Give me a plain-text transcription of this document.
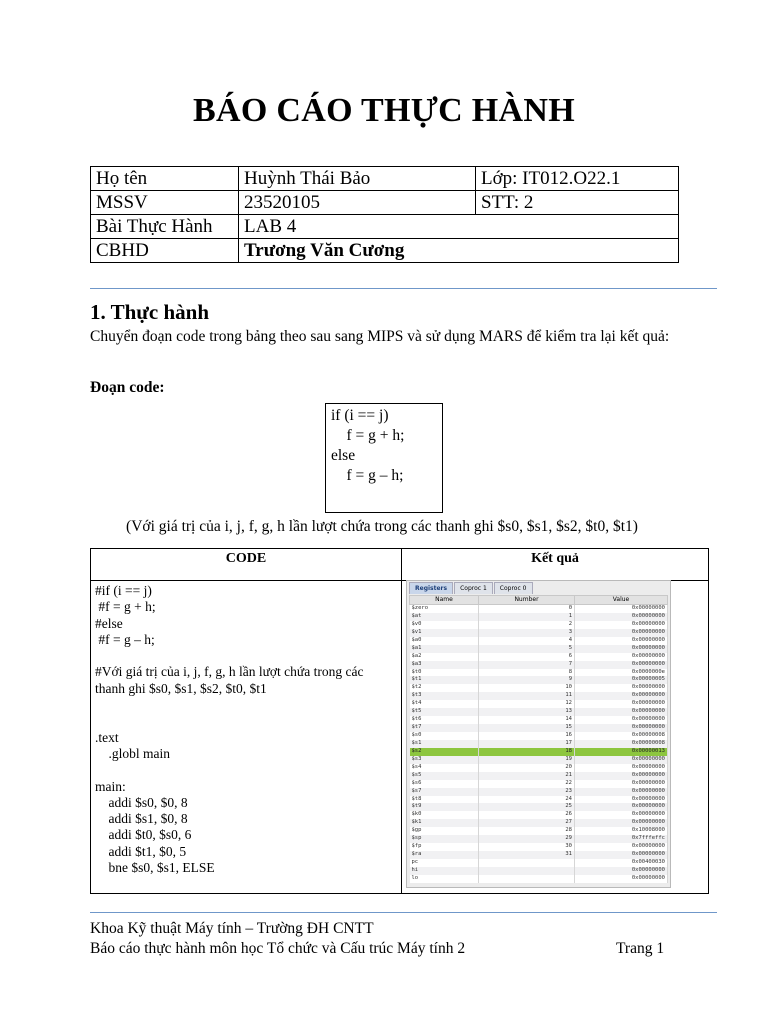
BÁO CÁO THỰC HÀNH
Họ tên	Huỳnh Thái Bảo	Lớp: IT012.O22.1
MSSV	23520105	STT: 2
Bài Thực Hành	LAB 4	
CBHD	Trương Văn Cương	
1. Thực hành
Chuyển đoạn code trong bảng theo sau sang MIPS và sử dụng MARS để kiểm tra lại kết quả:
Đoạn code:
if (i == j)
f = g + h;
else
f = g – h;
(Với giá trị của i, j, f, g, h lần lượt chứa trong các thanh ghi $s0, $s1, $s2, $t0, $t1)
CODE	Kết quả
#if (i == j)
#f = g + h;
#else
#f = g – h;
#Với giá trị của i, j, f, g, h lần lượt chứa trong các
thanh ghi $s0, $s1, $s2, $t0, $t1
.text
.globl main
main:
addi $s0, $0, 8
addi $s1, $0, 8
addi $t0, $s0, 6
addi $t1, $0, 5
bne $s0, $s1, ELSE
Registers	Coproc 1	Coproc 0
Name	Number	Value
$zero	0	0x00000000
$at	1	0x00000000
$v0	2	0x00000000
$v1	3	0x00000000
$a0	4	0x00000000
$a1	5	0x00000000
$a2	6	0x00000000
$a3	7	0x00000000
$t0	8	0x0000000e
$t1	9	0x00000005
$t2	10	0x00000000
$t3	11	0x00000000
$t4	12	0x00000000
$t5	13	0x00000000
$t6	14	0x00000000
$t7	15	0x00000000
$s0	16	0x00000008
$s1	17	0x00000008
$s2	18	0x00000013
$s3	19	0x00000000
$s4	20	0x00000000
$s5	21	0x00000000
$s6	22	0x00000000
$s7	23	0x00000000
$t8	24	0x00000000
$t9	25	0x00000000
$k0	26	0x00000000
$k1	27	0x00000000
$gp	28	0x10008000
$sp	29	0x7fffeffc
$fp	30	0x00000000
$ra	31	0x00000000
pc		0x00400030
hi		0x00000000
lo		0x00000000
Khoa Kỹ thuật Máy tính – Trường ĐH CNTT
Báo cáo thực hành môn học Tổ chức và Cấu trúc Máy tính 2	Trang 1
